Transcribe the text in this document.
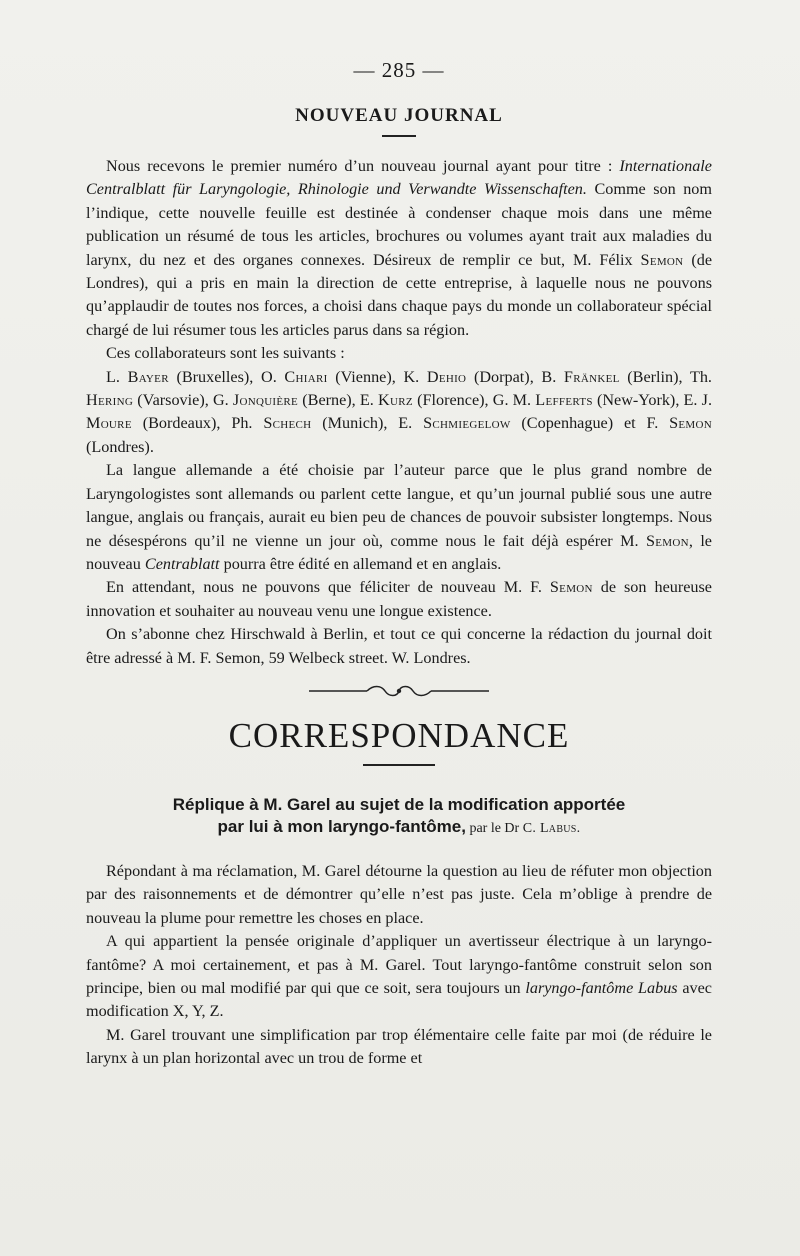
— 285 —
NOUVEAU JOURNAL

Nous recevons le premier numéro d’un nouveau journal ayant pour titre : Internationale Centralblatt für Laryngologie, Rhinologie und Verwandte Wissenschaften. Comme son nom l’indique, cette nouvelle feuille est destinée à condenser chaque mois dans une même publication un résumé de tous les articles, brochures ou volumes ayant trait aux maladies du larynx, du nez et des organes connexes. Désireux de remplir ce but, M. Félix Semon (de Londres), qui a pris en main la direction de cette entreprise, à laquelle nous ne pouvons qu’applaudir de toutes nos forces, a choisi dans chaque pays du monde un collaborateur spécial chargé de lui résumer tous les articles parus dans sa région.

Ces collaborateurs sont les suivants :

L. Bayer (Bruxelles), O. Chiari (Vienne), K. Dehio (Dorpat), B. Fränkel (Berlin), Th. Hering (Varsovie), G. Jonquière (Berne), E. Kurz (Florence), G. M. Lefferts (New-York), E. J. Moure (Bordeaux), Ph. Schech (Munich), E. Schmiegelow (Copenhague) et F. Semon (Londres).

La langue allemande a été choisie par l’auteur parce que le plus grand nombre de Laryngologistes sont allemands ou parlent cette langue, et qu’un journal publié sous une autre langue, anglais ou français, aurait eu bien peu de chances de pouvoir subsister longtemps. Nous ne désespérons qu’il ne vienne un jour où, comme nous le fait déjà espérer M. Semon, le nouveau Centrablatt pourra être édité en allemand et en anglais.

En attendant, nous ne pouvons que féliciter de nouveau M. F. Semon de son heureuse innovation et souhaiter au nouveau venu une longue existence.

On s’abonne chez Hirschwald à Berlin, et tout ce qui concerne la rédaction du journal doit être adressé à M. F. Semon, 59 Welbeck street. W. Londres.

CORRESPONDANCE
Réplique à M. Garel au sujet de la modification apportée
par lui à mon laryngo-fantôme, par le Dr C. Labus.

Répondant à ma réclamation, M. Garel détourne la question au lieu de réfuter mon objection par des raisonnements et de démontrer qu’elle n’est pas juste. Cela m’oblige à prendre de nouveau la plume pour remettre les choses en place.

A qui appartient la pensée originale d’appliquer un avertisseur électrique à un laryngo-fantôme? A moi certainement, et pas à M. Garel. Tout laryngo-fantôme construit selon son principe, bien ou mal modifié par qui que ce soit, sera toujours un laryngo-fantôme Labus avec modification X, Y, Z.

M. Garel trouvant une simplification par trop élémentaire celle faite par moi (de réduire le larynx à un plan horizontal avec un trou de forme et
